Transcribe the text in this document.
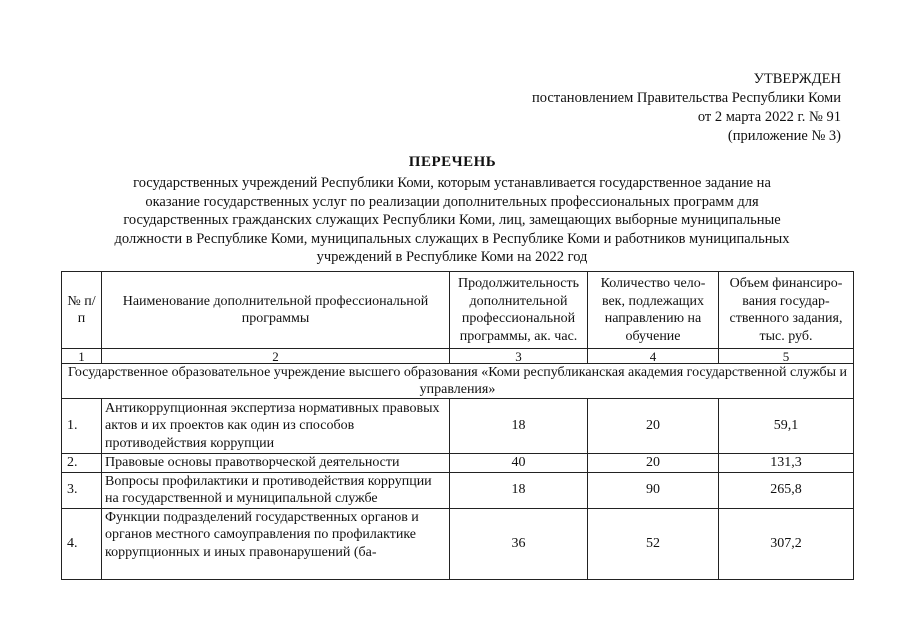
УТВЕРЖДЕН
постановлением Правительства Республики Коми
от 2 марта 2022 г. № 91
(приложение № 3)
ПЕРЕЧЕНЬ
государственных учреждений Республики Коми, которым устанавливается государственное задание на оказание государственных услуг по реализации дополнительных профессиональных программ для государственных гражданских служащих Республики Коми, лиц, замещающих выборные муниципальные должности в Республике Коми, муниципальных служащих в Республике Коми и работников муниципальных учреждений в Республике Коми на 2022 год
№ п/п	Наименование дополнительной профессиональной программы	Продолжительность дополнительной профессиональной программы, ак. час.	Количество чело-век, подлежащих направлению на обучение	Объем финансиро-вания государ-ственного задания, тыс. руб.
1	2	3	4	5
Государственное образовательное учреждение высшего образования «Коми республиканская академия государственной службы и управления»				
1.	Антикоррупционная экспертиза нормативных правовых актов и их проектов как один из способов противодействия коррупции	18	20	59,1
2.	Правовые основы правотворческой деятельности	40	20	131,3
3.	Вопросы профилактики и противодействия коррупции на государственной и муниципальной службе	18	90	265,8
4.	Функции подразделений государственных органов и органов местного самоуправления по профилактике коррупционных и иных правонарушений (ба-	36	52	307,2
